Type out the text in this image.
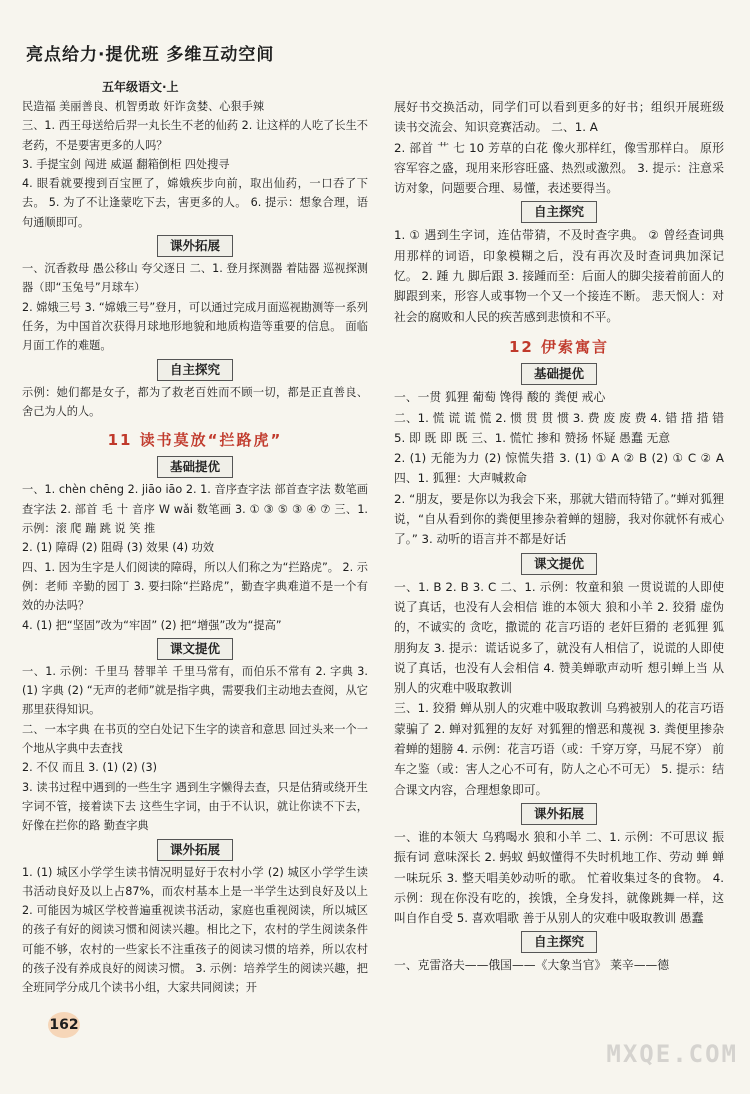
亮点给力·提优班 多维互动空间
五年级语文·上

民造福 美丽善良、机智勇敢 奸诈贪婪、心狠手辣

三、1. 西王母送给后羿一丸长生不老的仙药 2. 让这样的人吃了长生不老药，不是要害更多的人吗？

3. 手提宝剑 闯进 威逼 翻箱倒柜 四处搜寻

4. 眼看就要搜到百宝匣了，嫦娥疾步向前，取出仙药，一口吞了下去。 5. 为了不让逢蒙吃下去，害更多的人。 6. 提示：想象合理，语句通顺即可。

课外拓展

一、沉香救母 愚公移山 夸父逐日 二、1. 登月探测器 着陆器 巡视探测器（即“玉兔号”月球车）

2. 嫦娥三号 3. “嫦娥三号”登月，可以通过完成月面巡视勘测等一系列任务，为中国首次获得月球地形地貌和地质构造等重要的信息。 面临月面工作的难题。

自主探究

示例：她们都是女子，都为了救老百姓而不顾一切，都是正直善良、舍己为人的人。

11 读书莫放“拦路虎”
基础提优

一、1. chèn chēng 2. jiāo iāo 2. 1. 音序查字法 部首查字法 数笔画查字法 2. 部首 毛 十 音序 W wǎi 数笔画 3. ① ③ ⑤ ③ ④ ⑦ 三、1. 示例：滚 爬 蹦 跳 说 笑 推

2. (1) 障碍 (2) 阻碍 (3) 效果 (4) 功效

四、1. 因为生字是人们阅读的障碍，所以人们称之为“拦路虎”。 2. 示例：老师 辛勤的园丁 3. 要扫除“拦路虎”，勤查字典难道不是一个有效的办法吗？

4. (1) 把“坚固”改为“牢固” (2) 把“增强”改为“提高”

课文提优

一、1. 示例：千里马 替罪羊 千里马常有，而伯乐不常有 2. 字典 3. (1) 字典 (2) “无声的老师”就是指字典，需要我们主动地去查阅，从它那里获得知识。

二、一本字典 在书页的空白处记下生字的读音和意思 回过头来一个一个地从字典中去查找

2. 不仅 而且 3. (1) (2) (3)

3. 读书过程中遇到的一些生字 遇到生字懒得去查，只是估猜或绕开生字词不管，接着读下去 这些生字词，由于不认识，就让你读不下去，好像在拦你的路 勤查字典

课外拓展

1. (1) 城区小学学生读书情况明显好于农村小学 (2) 城区小学学生读书活动良好及以上占87%，而农村基本上是一半学生达到良好及以上 2. 可能因为城区学校普遍重视读书活动，家庭也重视阅读，所以城区的孩子有好的阅读习惯和阅读兴趣。相比之下，农村的学生阅读条件可能不够，农村的一些家长不注重孩子的阅读习惯的培养，所以农村的孩子没有养成良好的阅读习惯。 3. 示例：培养学生的阅读兴趣，把全班同学分成几个读书小组，大家共同阅读；开

展好书交换活动，同学们可以看到更多的好书；组织开展班级读书交流会、知识竞赛活动。 二、1. A

2. 部首 艹 七 10 芳草的白花 像火那样红，像雪那样白。 原形容军容之盛，现用来形容旺盛、热烈或激烈。 3. 提示：注意采访对象，问题要合理、易懂，表述要得当。

自主探究

1. ① 遇到生字词，连估带猜，不及时查字典。 ② 曾经查词典用那样的词语，印象模糊之后，没有再次及时查词典加深记忆。 2. 踵 九 脚后跟 3. 接踵而至：后面人的脚尖接着前面人的脚跟到来，形容人或事物一个又一个接连不断。 悲天悯人：对社会的腐败和人民的疾苦感到悲愤和不平。

12 伊索寓言
基础提优

一、一贯 狐狸 葡萄 馋得 酸的 粪便 戒心

二、1. 慌 谎 谎 慌 2. 惯 贯 贯 惯 3. 费 废 废 费 4. 错 措 措 错 5. 即 既 即 既 三、1. 慌忙 掺和 赞扬 怀疑 愚蠢 无意

2. (1) 无能为力 (2) 惊慌失措 3. (1) ① A ② B (2) ① C ② A 四、1. 狐狸：大声喊救命

2. “朋友，要是你以为我会下来，那就大错而特错了。”蝉对狐狸说，“自从看到你的粪便里掺杂着蝉的翅膀，我对你就怀有戒心了。” 3. 动听的语言并不都是好话

课文提优

一、1. B 2. B 3. C 二、1. 示例：牧童和狼 一贯说谎的人即使说了真话，也没有人会相信 谁的本领大 狼和小羊 2. 狡猾 虚伪的，不诚实的 贪吃，撒谎的 花言巧语的 老奸巨猾的 老狐狸 狐朋狗友 3. 提示：谎话说多了，就没有人相信了，说谎的人即使说了真话，也没有人会相信 4. 赞美蝉歌声动听 想引蝉上当 从别人的灾难中吸取教训

三、1. 狡猾 蝉从别人的灾难中吸取教训 乌鸦被别人的花言巧语蒙骗了 2. 蝉对狐狸的友好 对狐狸的憎恶和蔑视 3. 粪便里掺杂着蝉的翅膀 4. 示例：花言巧语（或：千穿万穿，马屁不穿） 前车之鉴（或：害人之心不可有，防人之心不可无） 5. 提示：结合课文内容，合理想象即可。

课外拓展

一、谁的本领大 乌鸦喝水 狼和小羊 二、1. 示例：不可思议 振振有词 意味深长 2. 蚂蚁 蚂蚁懂得不失时机地工作、劳动 蝉 蝉一味玩乐 3. 整天唱美妙动听的歌。 忙着收集过冬的食物。 4. 示例：现在你没有吃的，挨饿，全身发抖，就像跳舞一样，这叫自作自受 5. 喜欢唱歌 善于从别人的灾难中吸取教训 愚蠢

自主探究

一、克雷洛夫——俄国——《大象当官》 莱辛——德

162
MXQE.COM
